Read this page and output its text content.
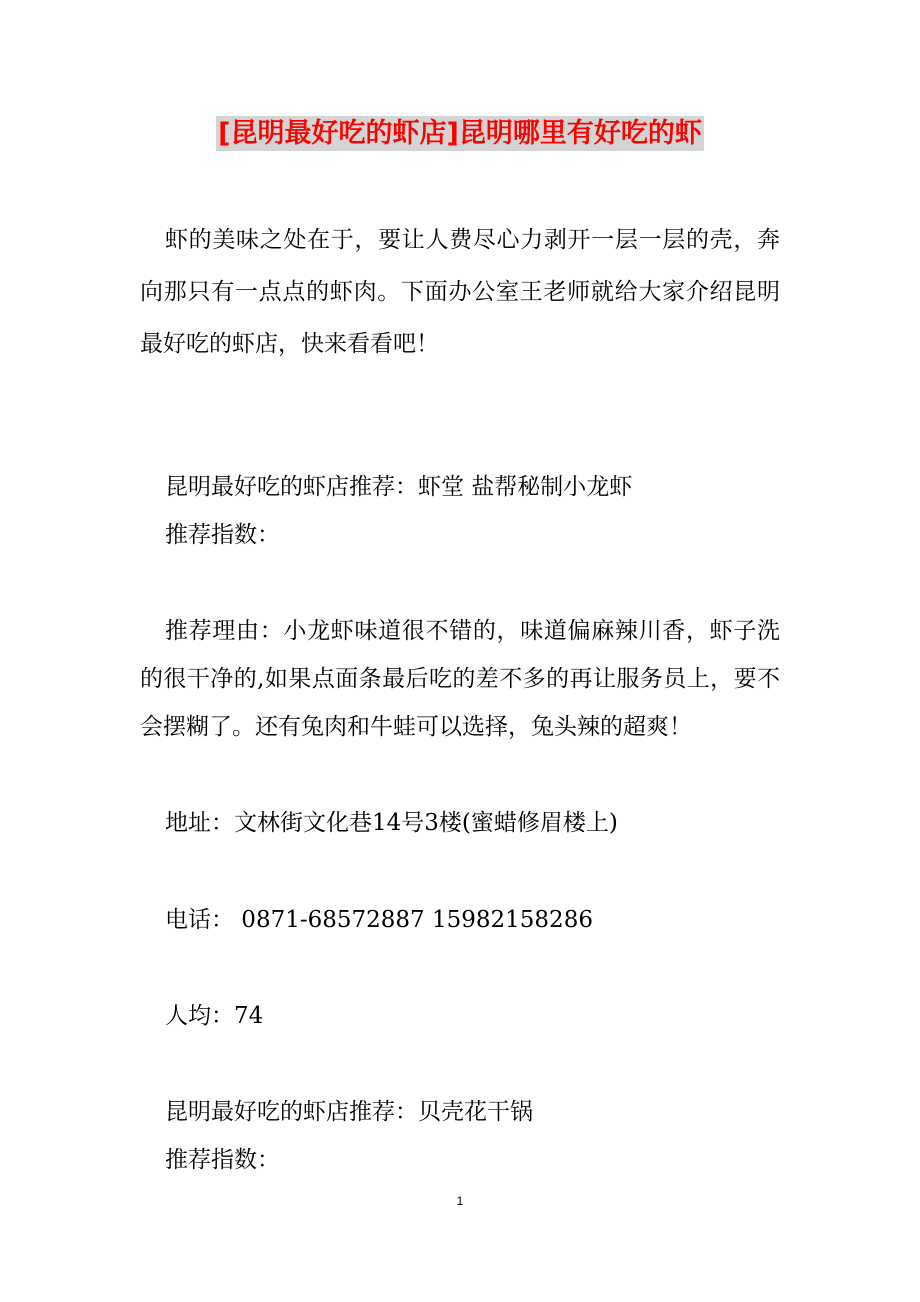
[昆明最好吃的虾店]昆明哪里有好吃的虾
虾的美味之处在于，要让人费尽心力剥开一层一层的壳，奔向那只有一点点的虾肉。下面办公室王老师就给大家介绍昆明最好吃的虾店，快来看看吧！
昆明最好吃的虾店推荐：虾堂 盐帮秘制小龙虾
推荐指数：
推荐理由：小龙虾味道很不错的，味道偏麻辣川香，虾子洗的很干净的,如果点面条最后吃的差不多的再让服务员上，要不会摆糊了。还有兔肉和牛蛙可以选择，兔头辣的超爽！
地址：文林街文化巷14号3楼(蜜蜡修眉楼上)
电话： 0871-68572887 15982158286
人均：74
昆明最好吃的虾店推荐：贝壳花干锅
推荐指数：
1
